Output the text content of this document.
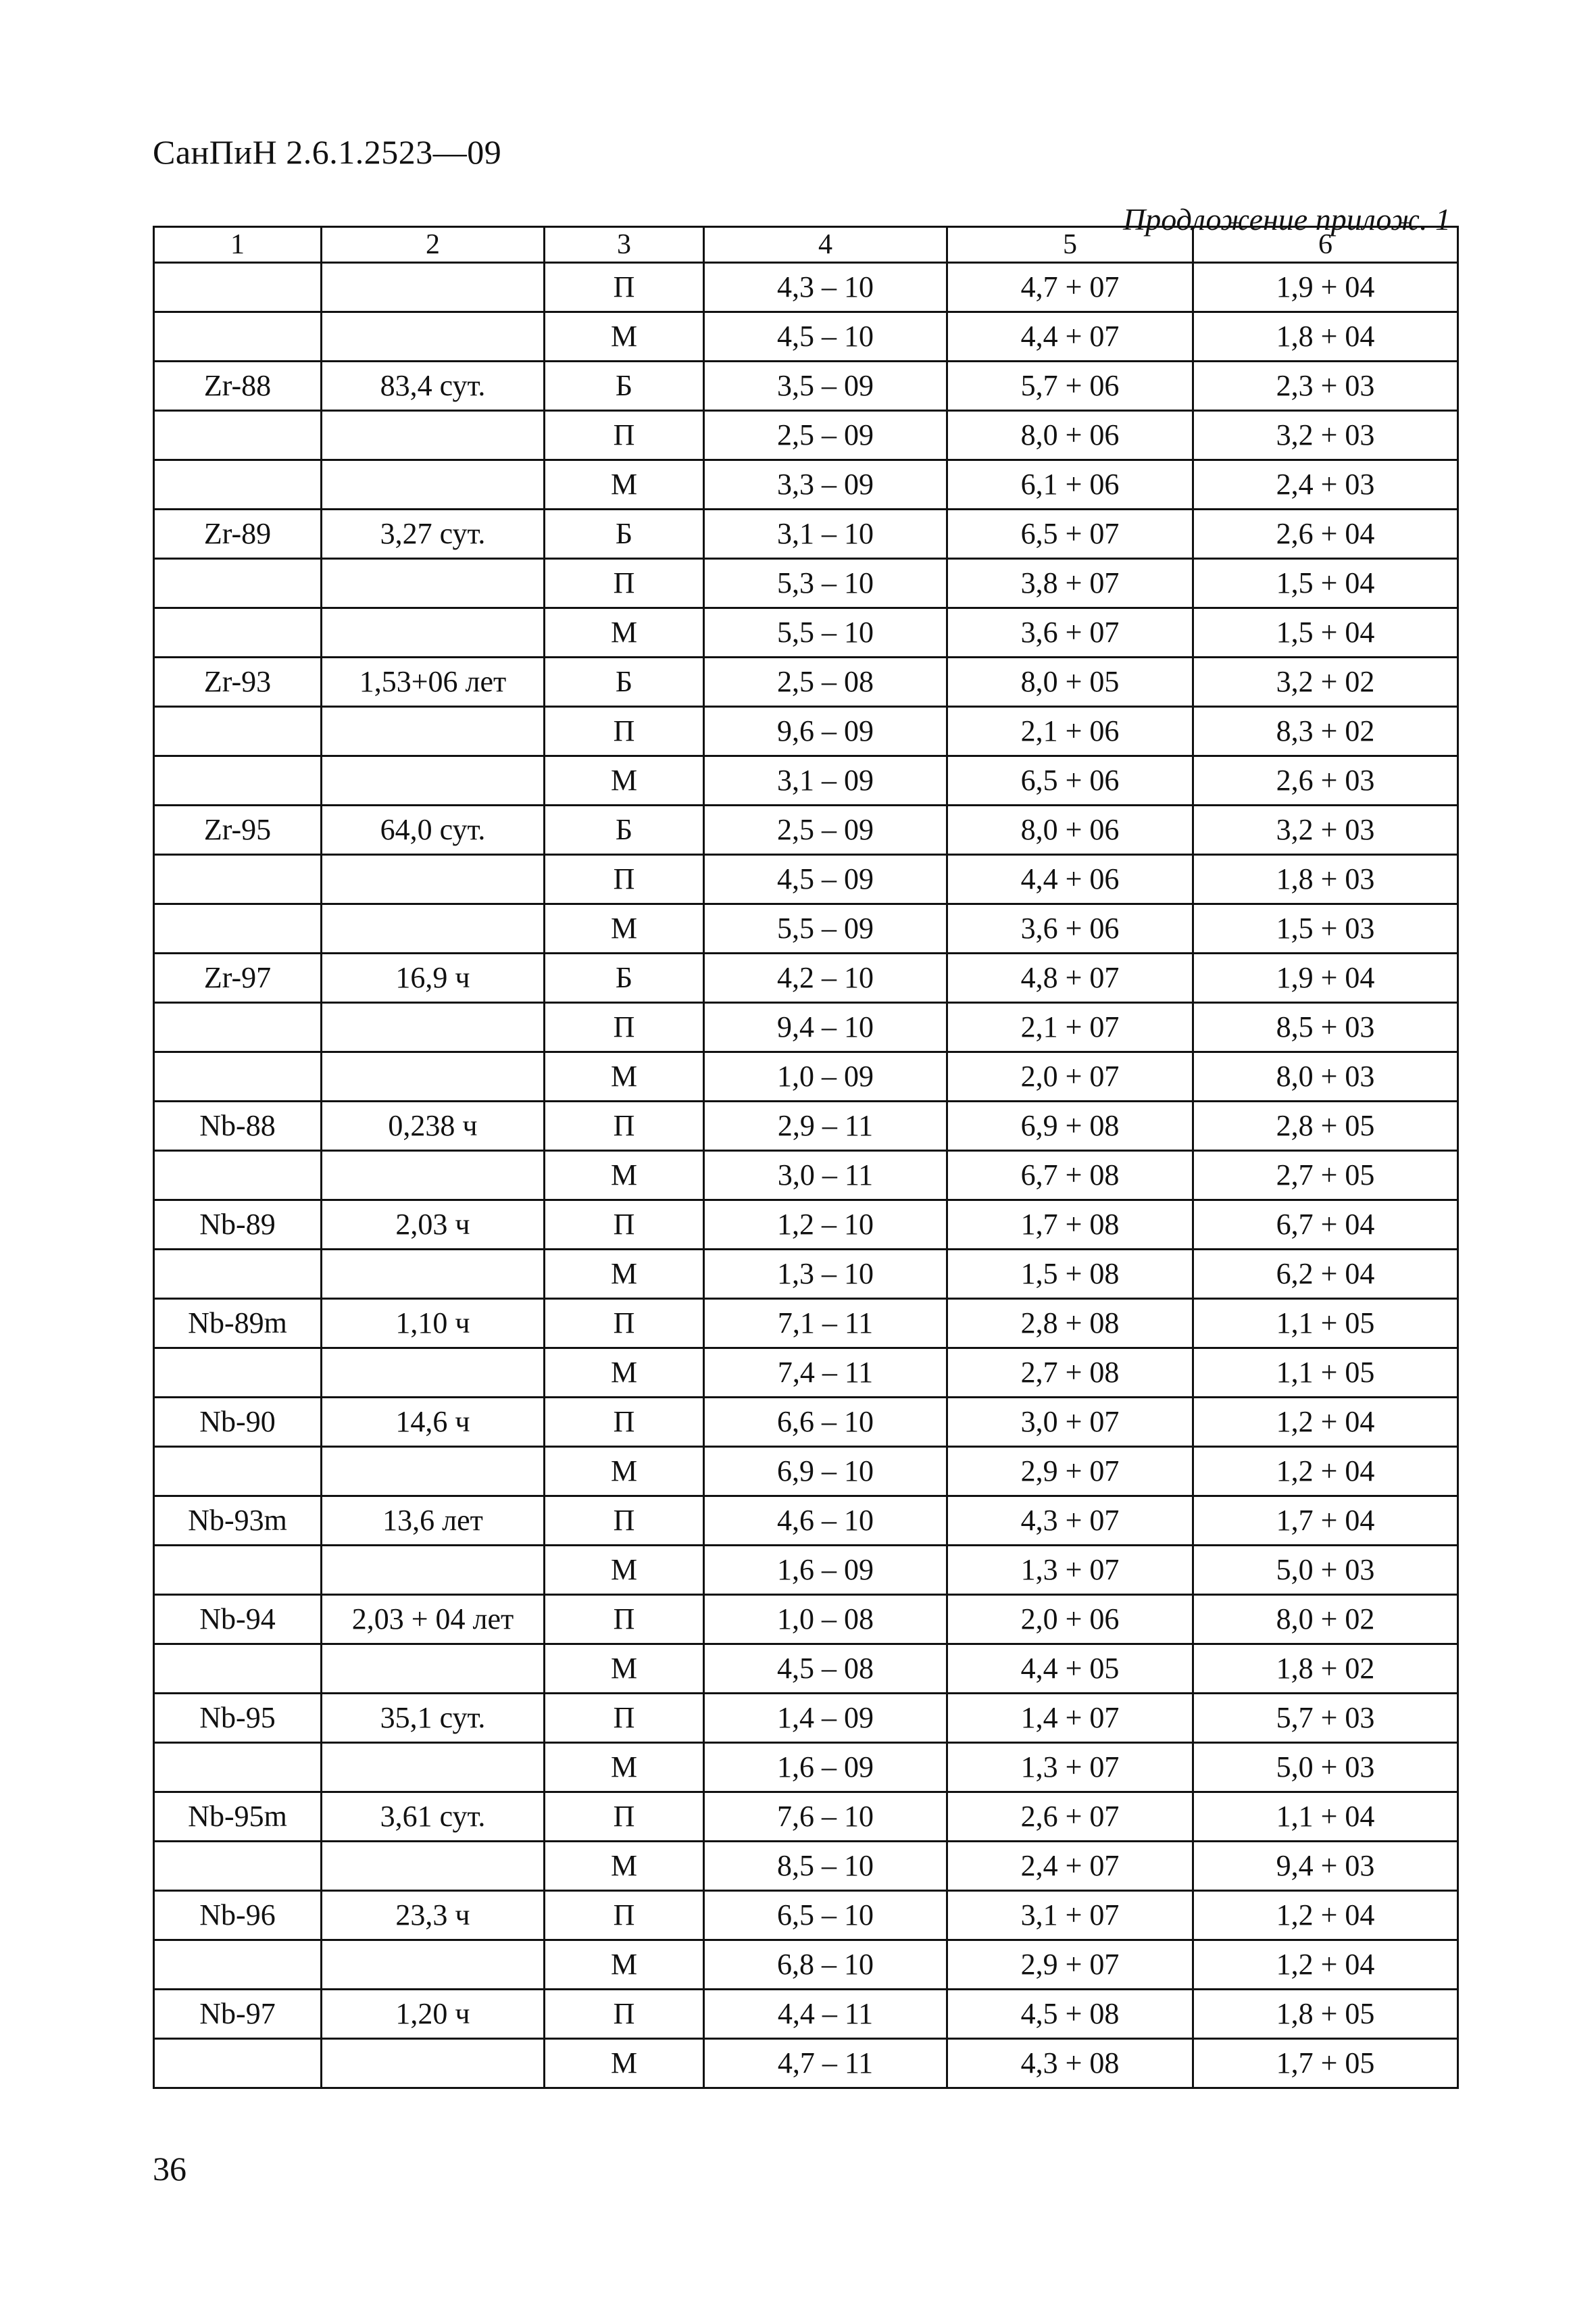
СанПиН 2.6.1.2523—09
Продложение прилож. 1
1	2	3	4	5	6
		П	4,3 – 10	4,7 + 07	1,9 + 04
		М	4,5 – 10	4,4 + 07	1,8 + 04
Zr-88	83,4 сут.	Б	3,5 – 09	5,7 + 06	2,3 + 03
		П	2,5 – 09	8,0 + 06	3,2 + 03
		М	3,3 – 09	6,1 + 06	2,4 + 03
Zr-89	3,27 сут.	Б	3,1 – 10	6,5 + 07	2,6 + 04
		П	5,3 – 10	3,8 + 07	1,5 + 04
		М	5,5 – 10	3,6 + 07	1,5 + 04
Zr-93	1,53+06 лет	Б	2,5 – 08	8,0 + 05	3,2 + 02
		П	9,6 – 09	2,1 + 06	8,3 + 02
		М	3,1 – 09	6,5 + 06	2,6 + 03
Zr-95	64,0 сут.	Б	2,5 – 09	8,0 + 06	3,2 + 03
		П	4,5 – 09	4,4 + 06	1,8 + 03
		М	5,5 – 09	3,6 + 06	1,5 + 03
Zr-97	16,9 ч	Б	4,2 – 10	4,8 + 07	1,9 + 04
		П	9,4 – 10	2,1 + 07	8,5 + 03
		М	1,0 – 09	2,0 + 07	8,0 + 03
Nb-88	0,238 ч	П	2,9 – 11	6,9 + 08	2,8 + 05
		М	3,0 – 11	6,7 + 08	2,7 + 05
Nb-89	2,03 ч	П	1,2 – 10	1,7 + 08	6,7 + 04
		М	1,3 – 10	1,5 + 08	6,2 + 04
Nb-89m	1,10 ч	П	7,1 – 11	2,8 + 08	1,1 + 05
		М	7,4 – 11	2,7 + 08	1,1 + 05
Nb-90	14,6 ч	П	6,6 – 10	3,0 + 07	1,2 + 04
		М	6,9 – 10	2,9 + 07	1,2 + 04
Nb-93m	13,6 лет	П	4,6 – 10	4,3 + 07	1,7 + 04
		М	1,6 – 09	1,3 + 07	5,0 + 03
Nb-94	2,03 + 04 лет	П	1,0 – 08	2,0 + 06	8,0 + 02
		М	4,5 – 08	4,4 + 05	1,8 + 02
Nb-95	35,1 сут.	П	1,4 – 09	1,4 + 07	5,7 + 03
		М	1,6 – 09	1,3 + 07	5,0 + 03
Nb-95m	3,61 сут.	П	7,6 – 10	2,6 + 07	1,1 + 04
		М	8,5 – 10	2,4 + 07	9,4 + 03
Nb-96	23,3 ч	П	6,5 – 10	3,1 + 07	1,2 + 04
		М	6,8 – 10	2,9 + 07	1,2 + 04
Nb-97	1,20 ч	П	4,4 – 11	4,5 + 08	1,8 + 05
		М	4,7 – 11	4,3 + 08	1,7 + 05
36
